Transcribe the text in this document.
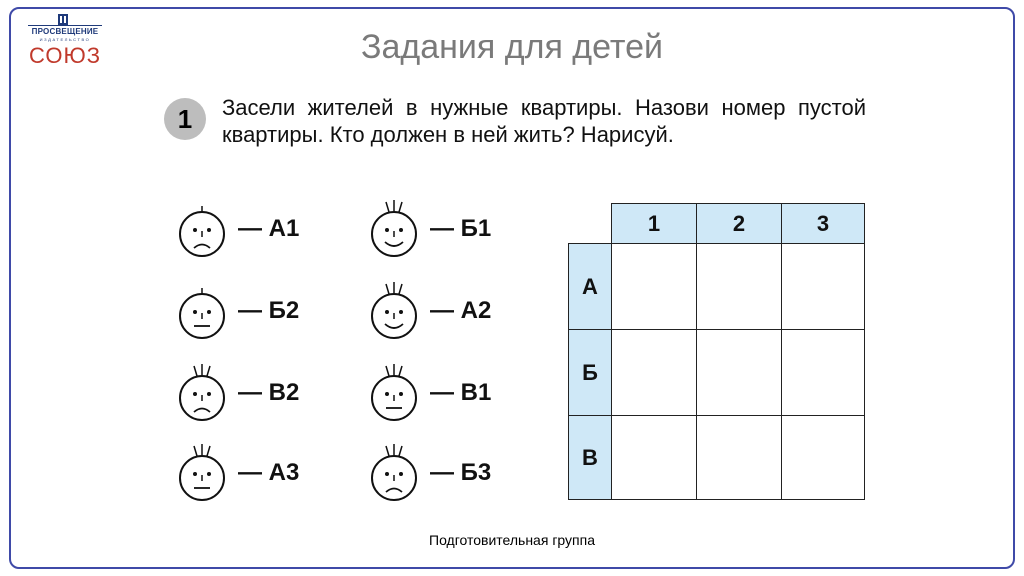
ПРОСВЕЩЕНИЕ
ИЗДАТЕЛЬСТВО
СОЮЗ	Задания для детей
1	Засели жителей в нужные квартиры. Назови номер пустой квартиры. Кто должен в ней жить? Нарисуй.
— А1	— Б1
— Б2	— А2
— В2	— В1
— А3	— Б3
1	2	3
А
Б
В
Подготовительная группа
